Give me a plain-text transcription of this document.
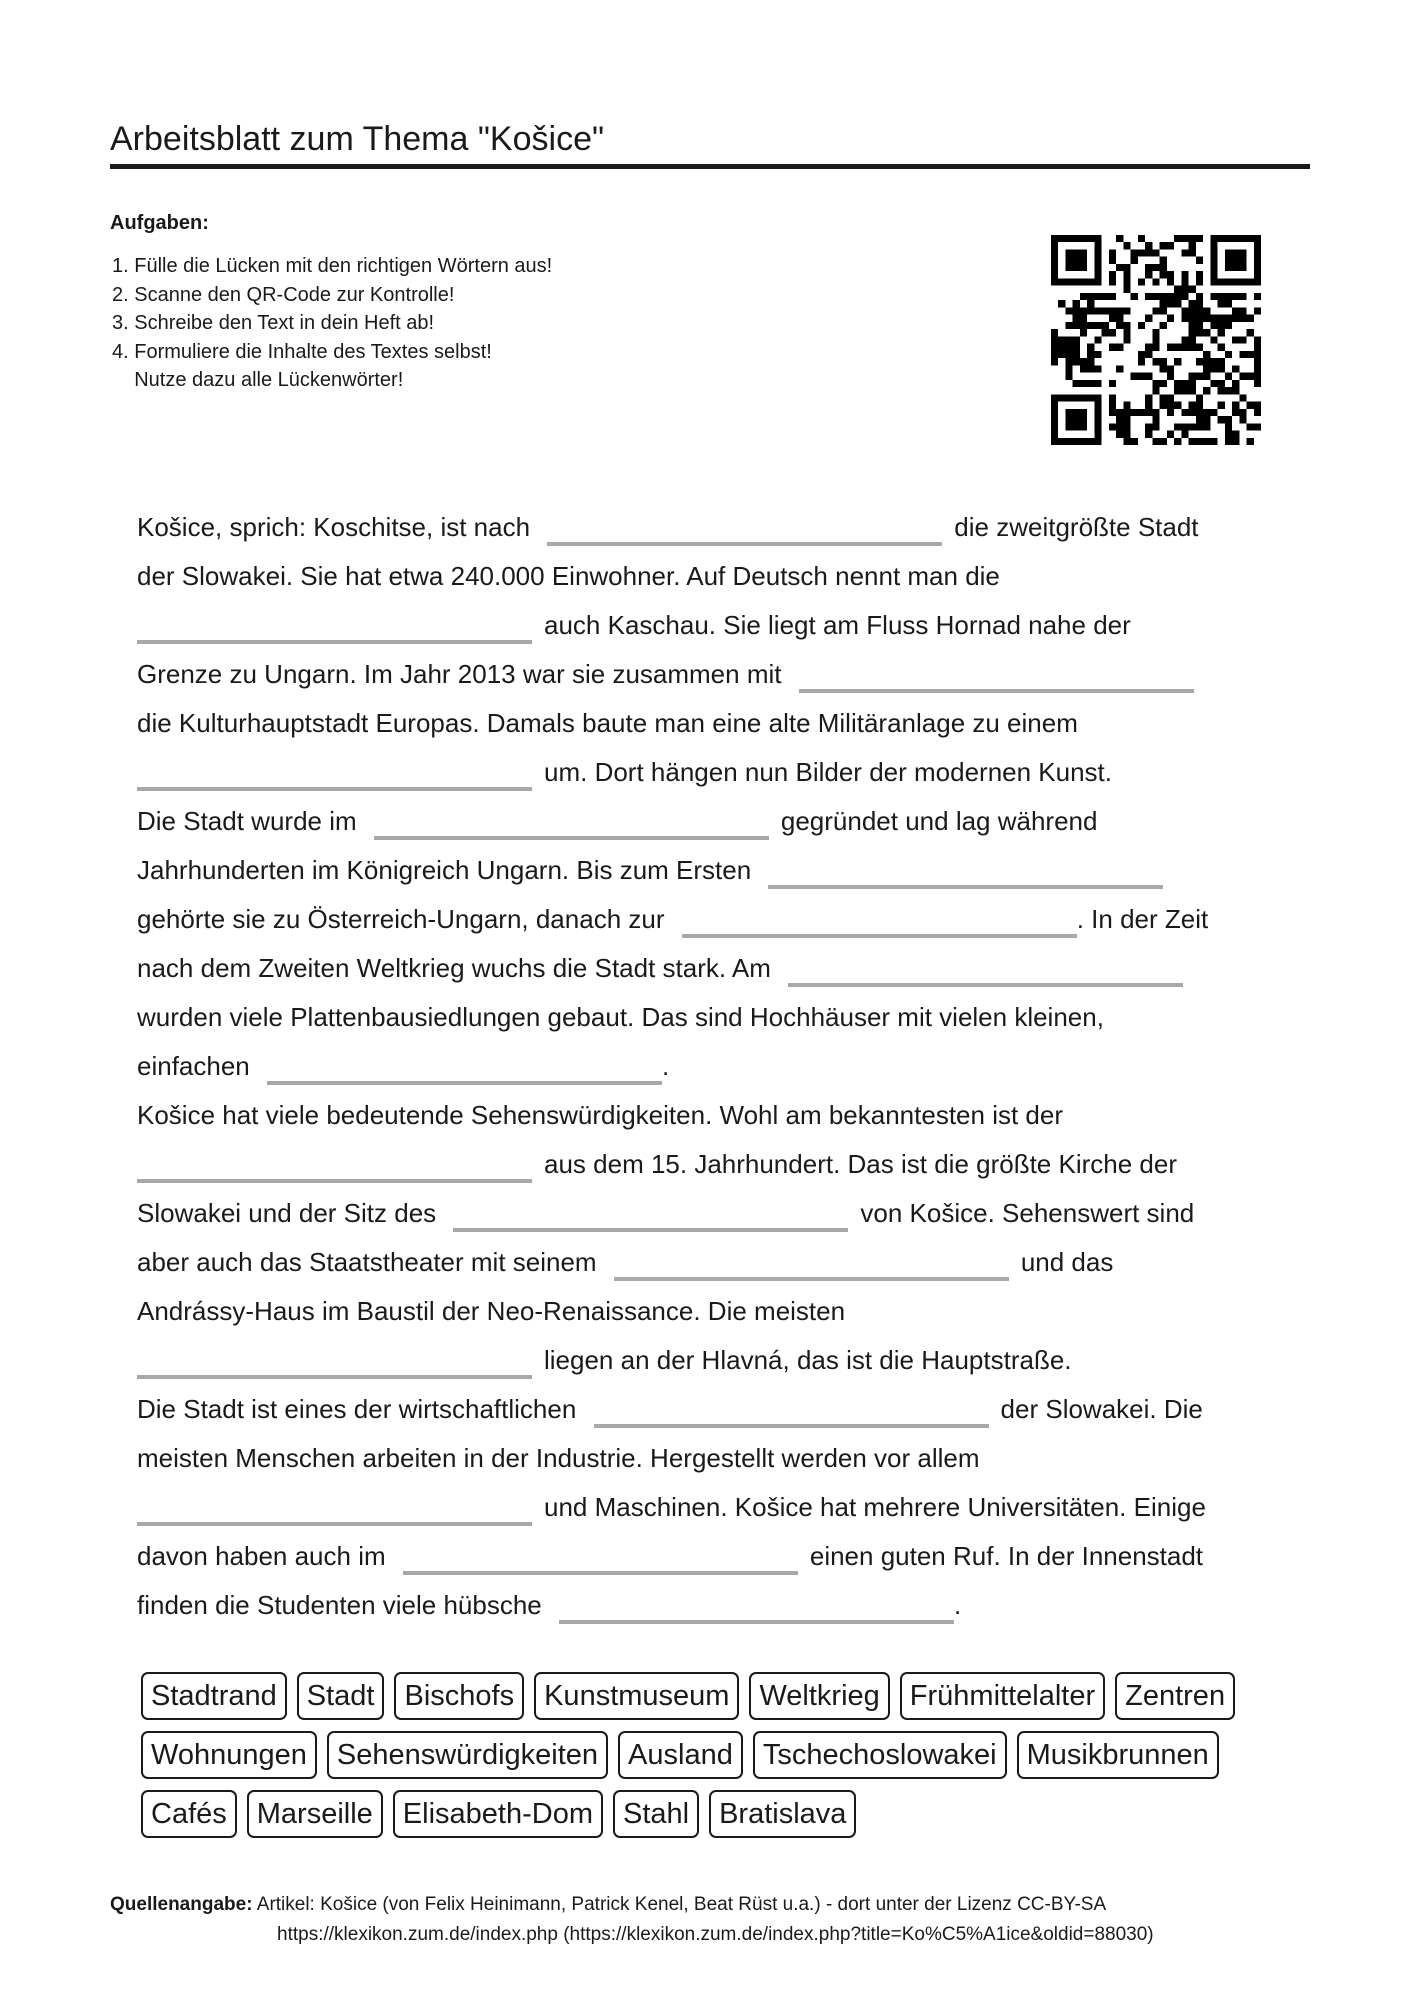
Arbeitsblatt zum Thema "Košice"
Aufgaben:
1. Fülle die Lücken mit den richtigen Wörtern aus!
2. Scanne den QR-Code zur Kontrolle!
3. Schreibe den Text in dein Heft ab!
4. Formuliere die Inhalte des Textes selbst!
Nutze dazu alle Lückenwörter!
Košice, sprich: Koschitse, ist nach	die zweitgrößte Stadt
der Slowakei. Sie hat etwa 240.000 Einwohner. Auf Deutsch nennt man die
auch Kaschau. Sie liegt am Fluss Hornad nahe der
Grenze zu Ungarn. Im Jahr 2013 war sie zusammen mit
die Kulturhauptstadt Europas. Damals baute man eine alte Militäranlage zu einem
um. Dort hängen nun Bilder der modernen Kunst.
Die Stadt wurde im	gegründet und lag während
Jahrhunderten im Königreich Ungarn. Bis zum Ersten
gehörte sie zu Österreich-Ungarn, danach zur	. In der Zeit
nach dem Zweiten Weltkrieg wuchs die Stadt stark. Am
wurden viele Plattenbausiedlungen gebaut. Das sind Hochhäuser mit vielen kleinen,
einfachen	.
Košice hat viele bedeutende Sehenswürdigkeiten. Wohl am bekanntesten ist der
aus dem 15. Jahrhundert. Das ist die größte Kirche der
Slowakei und der Sitz des	von Košice. Sehenswert sind
aber auch das Staatstheater mit seinem	und das
Andrássy-Haus im Baustil der Neo-Renaissance. Die meisten
liegen an der Hlavná, das ist die Hauptstraße.
Die Stadt ist eines der wirtschaftlichen	der Slowakei. Die
meisten Menschen arbeiten in der Industrie. Hergestellt werden vor allem
und Maschinen. Košice hat mehrere Universitäten. Einige
davon haben auch im	einen guten Ruf. In der Innenstadt
finden die Studenten viele hübsche	.
Stadtrand	Stadt	Bischofs	Kunstmuseum	Weltkrieg	Frühmittelalter	Zentren
Wohnungen	Sehenswürdigkeiten	Ausland	Tschechoslowakei	Musikbrunnen
Cafés	Marseille	Elisabeth-Dom	Stahl	Bratislava
Quellenangabe: Artikel: Košice (von Felix Heinimann, Patrick Kenel, Beat Rüst u.a.) - dort unter der Lizenz CC-BY-SA
https://klexikon.zum.de/index.php (https://klexikon.zum.de/index.php?title=Ko%C5%A1ice&oldid=88030)
